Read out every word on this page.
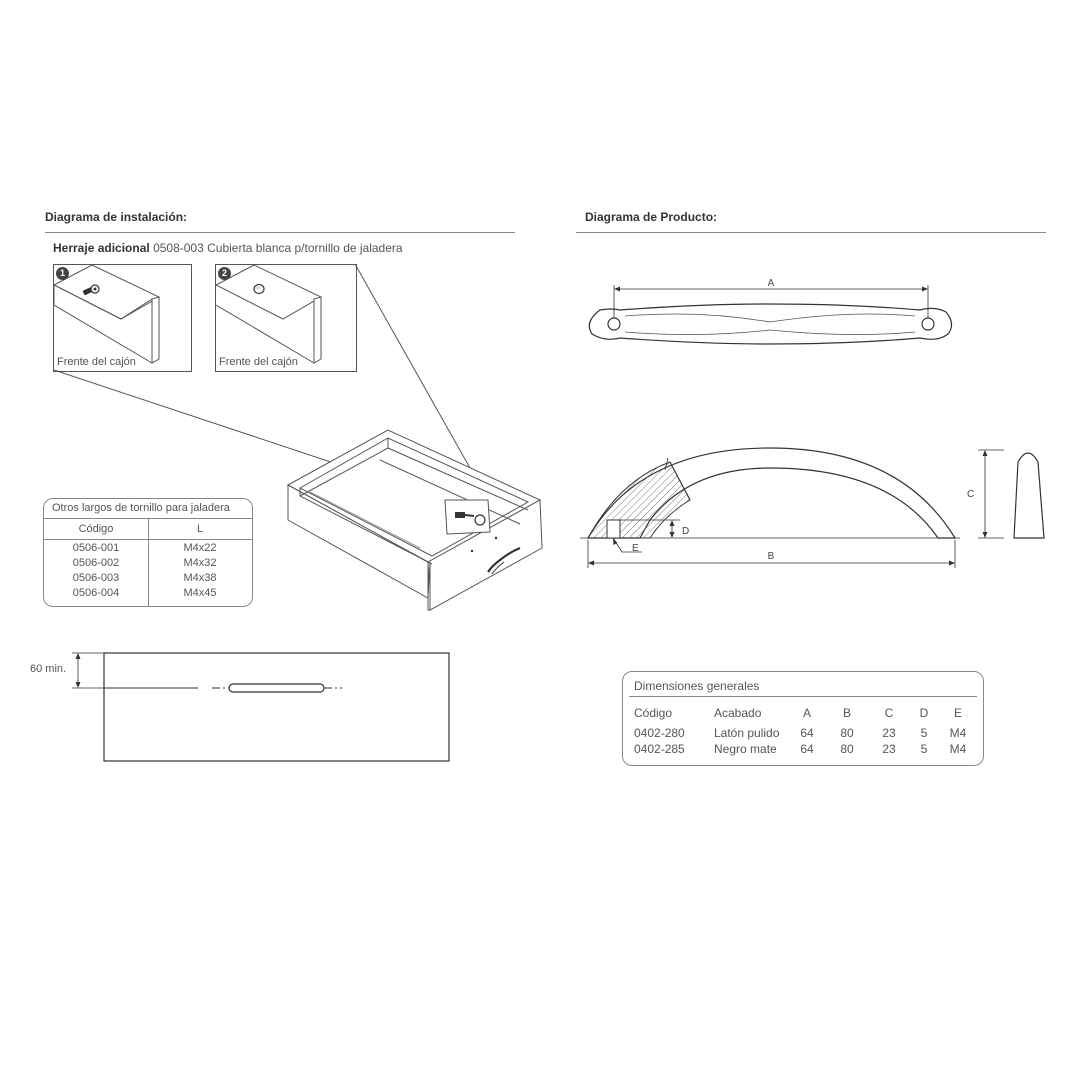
Diagrama de instalación:
Herraje adicional 0508-003 Cubierta blanca p/tornillo de jaladera
1
Frente del cajón
2
Frente del cajón
Otros largos de tornillo para jaladera
Código	L
0506-001	M4x22
0506-002	M4x32
0506-003	M4x38
0506-004	M4x45
60 min.
Diagrama de Producto:
A
D
E
B
C
Dimensiones generales
Código	Acabado	A	B	C	D	E
0402-280 Latón pulido 64 80 23	5	M4
0402-285 Negro mate 64 80 23	5	M4
